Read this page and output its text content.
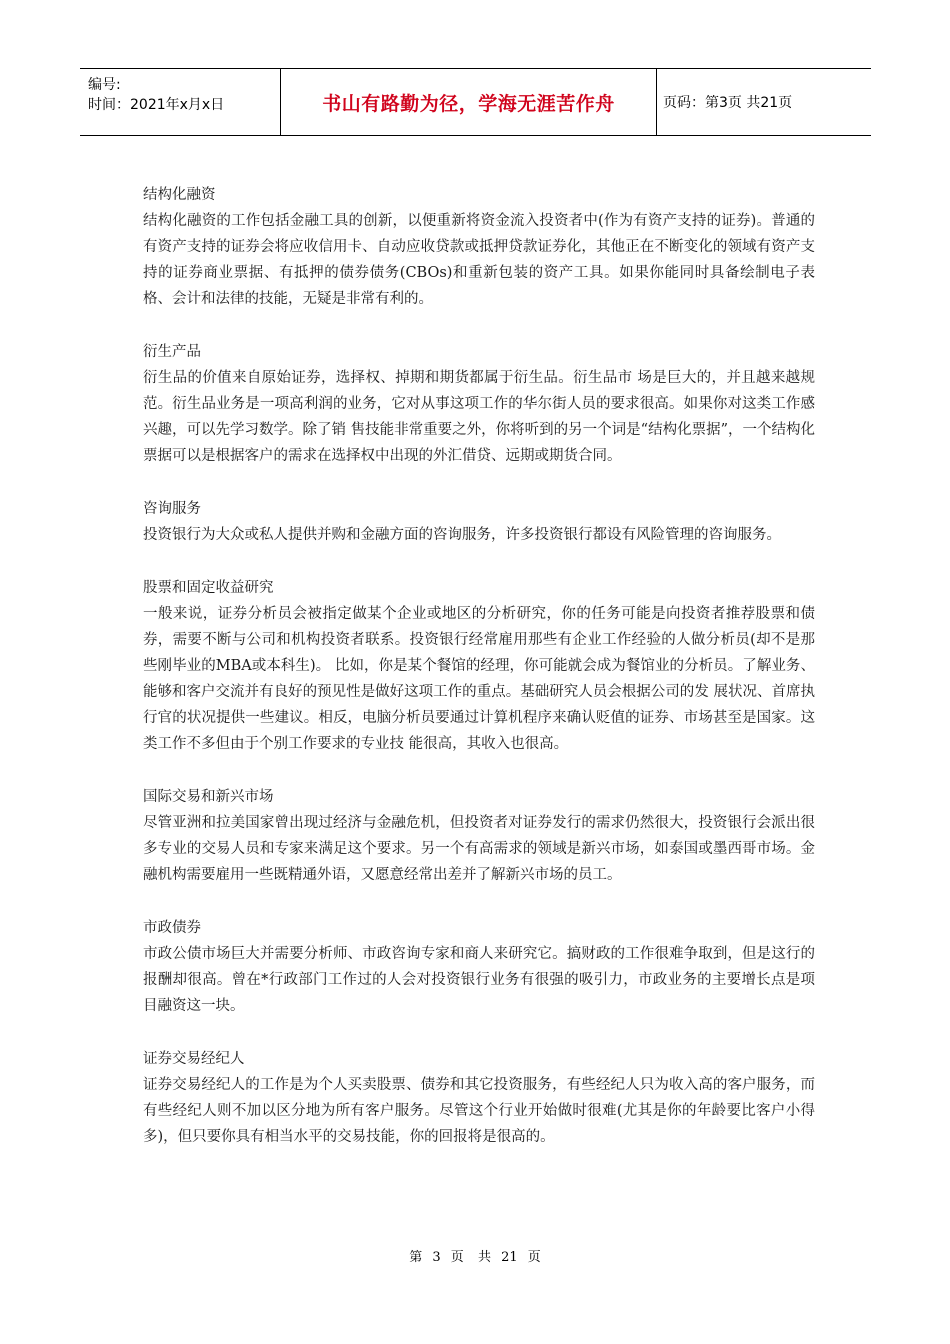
编号:
时间：2021年x月x日	书山有路勤为径，学海无涯苦作舟	页码：第3页 共21页
结构化融资

结构化融资的工作包括金融工具的创新，以便重新将资金流入投资者中(作为有资产支持的证券)。普通的有资产支持的证券会将应收信用卡、自动应收贷款或抵押贷款证券化，其他正在不断变化的领域有资产支持的证券商业票据、有抵押的债券债务(CBOs)和重新包装的资产工具。如果你能同时具备绘制电子表格、会计和法律的技能，无疑是非常有利的。

衍生产品

衍生品的价值来自原始证券，选择权、掉期和期货都属于衍生品。衍生品市 场是巨大的，并且越来越规范。衍生品业务是一项高利润的业务，它对从事这项工作的华尔街人员的要求很高。如果你对这类工作感兴趣，可以先学习数学。除了销 售技能非常重要之外，你将听到的另一个词是“结构化票据”，一个结构化票据可以是根据客户的需求在选择权中出现的外汇借贷、远期或期货合同。

咨询服务

投资银行为大众或私人提供并购和金融方面的咨询服务，许多投资银行都设有风险管理的咨询服务。

股票和固定收益研究

一般来说，证券分析员会被指定做某个企业或地区的分析研究，你的任务可能是向投资者推荐股票和债券，需要不断与公司和机构投资者联系。投资银行经常雇用那些有企业工作经验的人做分析员(却不是那些刚毕业的MBA或本科生)。 比如，你是某个餐馆的经理，你可能就会成为餐馆业的分析员。了解业务、能够和客户交流并有良好的预见性是做好这项工作的重点。基础研究人员会根据公司的发 展状况、首席执行官的状况提供一些建议。相反，电脑分析员要通过计算机程序来确认贬值的证券、市场甚至是国家。这类工作不多但由于个别工作要求的专业技 能很高，其收入也很高。

国际交易和新兴市场

尽管亚洲和拉美国家曾出现过经济与金融危机，但投资者对证券发行的需求仍然很大，投资银行会派出很多专业的交易人员和专家来满足这个要求。另一个有高需求的领域是新兴市场，如泰国或墨西哥市场。金融机构需要雇用一些既精通外语，又愿意经常出差并了解新兴市场的员工。

市政债券

市政公债市场巨大并需要分析师、市政咨询专家和商人来研究它。搞财政的工作很难争取到，但是这行的报酬却很高。曾在*行政部门工作过的人会对投资银行业务有很强的吸引力，市政业务的主要增长点是项目融资这一块。

证券交易经纪人

证券交易经纪人的工作是为个人买卖股票、债券和其它投资服务，有些经纪人只为收入高的客户服务，而有些经纪人则不加以区分地为所有客户服务。尽管这个行业开始做时很难(尤其是你的年龄要比客户小得多)，但只要你具有相当水平的交易技能，你的回报将是很高的。

第 3 页 共 21 页
